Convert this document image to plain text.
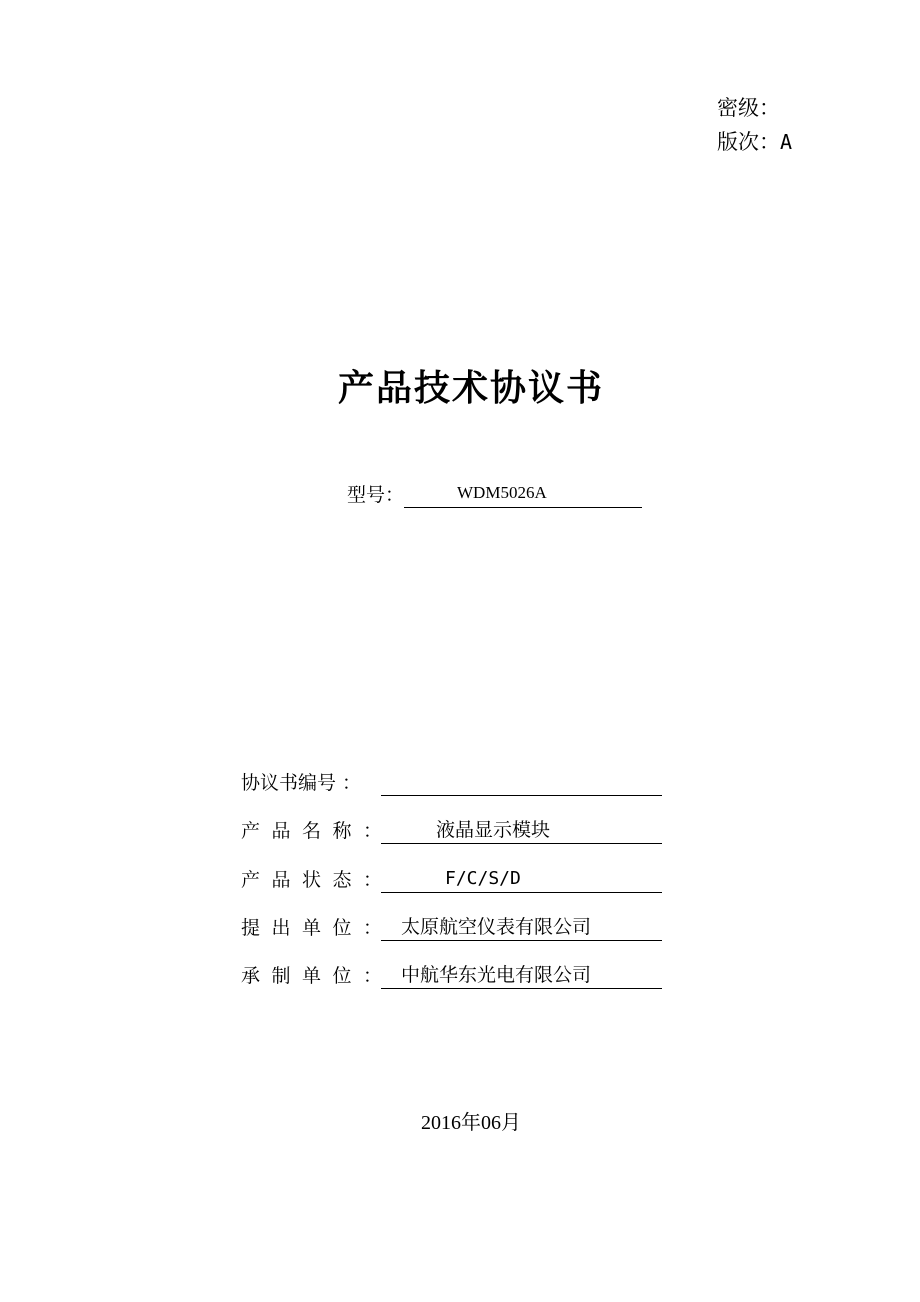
密级：
版次：A
产品技术协议书
型号：	WDM5026A
协议书编号 ：
产品名称： 液晶显示模块
产品状态：	F/C/S/D
提出单位： 太原航空仪表有限公司
承制单位： 中航华东光电有限公司
2016年06月
